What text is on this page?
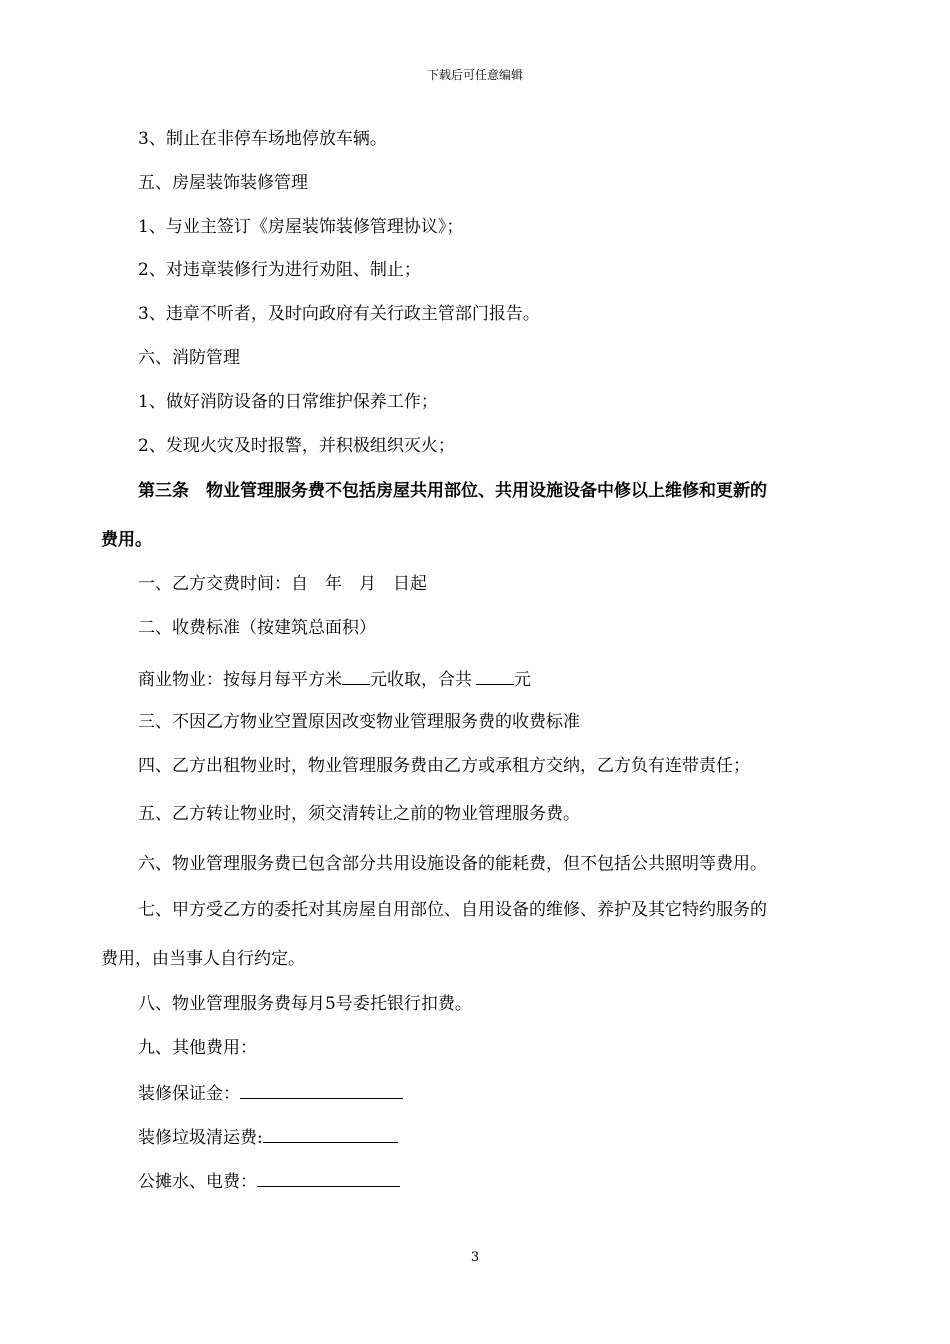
下载后可任意编辑
3、制止在非停车场地停放车辆。
五、房屋装饰装修管理
1、与业主签订《房屋装饰装修管理协议》；
2、对违章装修行为进行劝阻、制止；
3、违章不听者，及时向政府有关行政主管部门报告。
六、消防管理
1、做好消防设备的日常维护保养工作；
2、发现火灾及时报警，并积极组织灭火；
第三条　物业管理服务费不包括房屋共用部位、共用设施设备中修以上维修和更新的
费用。
一、乙方交费时间：自　年　月　日起
二、收费标准（按建筑总面积）
商业物业：按每月每平方米 元收取，合共 元
三、不因乙方物业空置原因改变物业管理服务费的收费标准
四、乙方出租物业时，物业管理服务费由乙方或承租方交纳，乙方负有连带责任；
五、乙方转让物业时，须交清转让之前的物业管理服务费。
六、物业管理服务费已包含部分共用设施设备的能耗费，但不包括公共照明等费用。
七、甲方受乙方的委托对其房屋自用部位、自用设备的维修、养护及其它特约服务的
费用，由当事人自行约定。
八、物业管理服务费每月5号委托银行扣费。
九、其他费用：
装修保证金：
装修垃圾清运费:
公摊水、电费：
3
